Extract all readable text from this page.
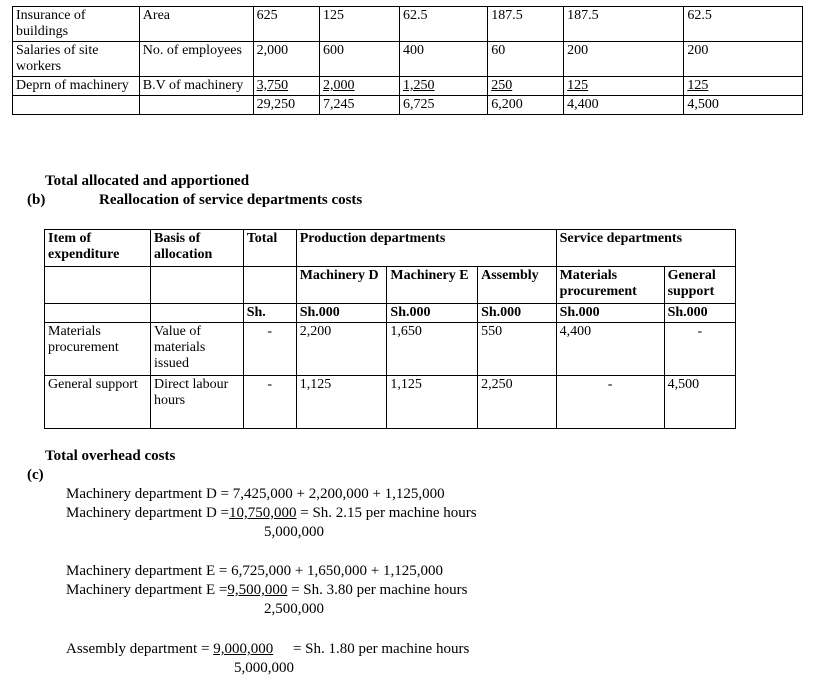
Insurance of buildings	Area	625	125	62.5	187.5	187.5	62.5
Salaries of site workers	No. of employees	2,000	600	400	60	200	200
Deprn of machinery	B.V of machinery	3,750	2,000	1,250	250	125	125
		29,250	7,245	6,725	6,200	4,400	4,500
Total allocated and apportioned
(b)	Reallocation of service departments costs
Item of expenditure	Basis of allocation	Total	Production departments			Service departments	
			Machinery D	Machinery E	Assembly	Materials procurement	General support
		Sh.	Sh.000	Sh.000	Sh.000	Sh.000	Sh.000
Materials procurement	Value of materials issued	-	2,200	1,650	550	4,400	-
General support	Direct labour hours	-	1,125	1,125	2,250	-	4,500
Total overhead costs
(c)
Machinery department D = 7,425,000 + 2,200,000 + 1,125,000
Machinery department D =10,750,000 = Sh. 2.15 per machine hours
5,000,000
Machinery department E = 6,725,000 + 1,650,000 + 1,125,000
Machinery department E =9,500,000 = Sh. 3.80 per machine hours
2,500,000
Assembly department = 9,000,000 = Sh. 1.80 per machine hours
5,000,000
